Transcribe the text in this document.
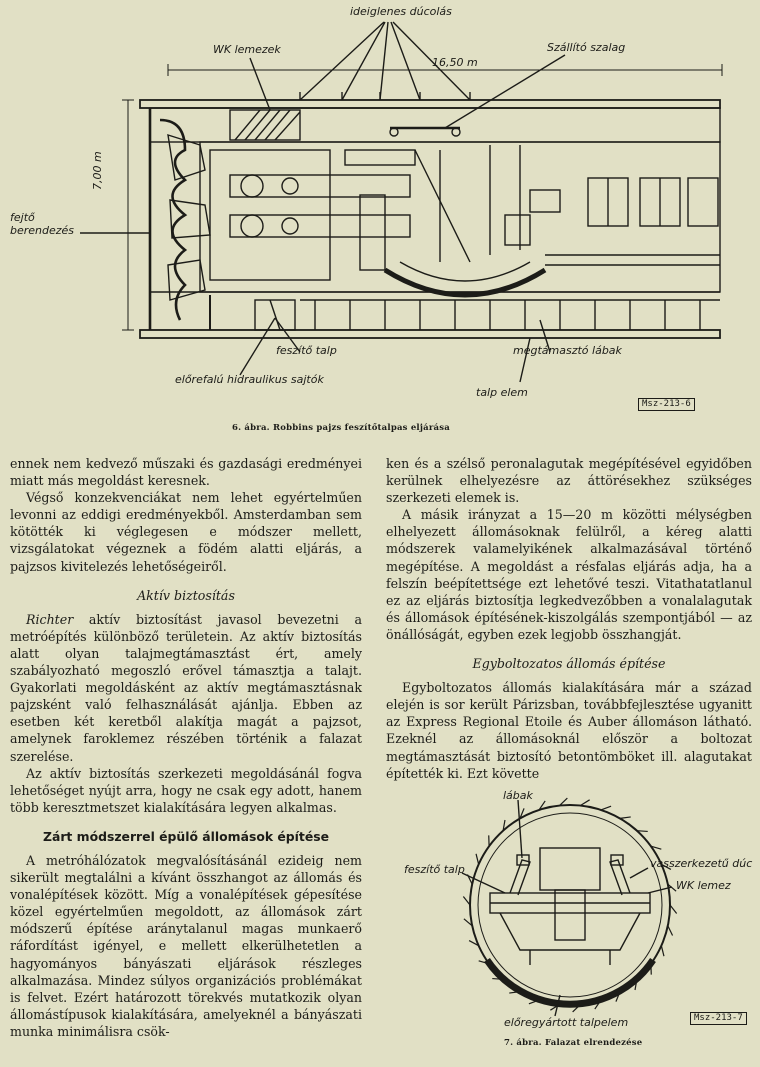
ideiglenes dúcolás
WK lemezek	Szállító szalag
16,50 m
7,00 m
fejtő
berendezés
feszítő talp	megtámasztó lábak
előrefalú hidraulikus sajtók
talp elem
Msz-213-6
6. ábra. Robbins pajzs feszítőtalpas eljárása

ennek nem kedvező műszaki és gazdasági eredményei miatt más megoldást keresnek.

Végső konzekvenciákat nem lehet egyértelműen levonni az eddigi eredményekből. Amsterdamban sem kötötték ki véglegesen e módszer mellett, vizsgálatokat végeznek a födém alatti eljárás, a pajzsos kivitelezés lehetőségeiről.

Aktív biztosítás

Richter aktív biztosítást javasol bevezetni a metróépítés különböző területein. Az aktív biztosítás alatt olyan talajmegtámasztást ért, amely szabályozható megoszló erővel támasztja a talajt. Gyakorlati megoldásként az aktív megtámasztásnak pajzsként való felhasználását ajánlja. Ebben az esetben két keretből alakítja magát a pajzsot, amelynek faroklemez részében történik a falazat szerelése.

Az aktív biztosítás szerkezeti megoldásánál fogva lehetőséget nyújt arra, hogy ne csak egy adott, hanem több keresztmetszet kialakítására legyen alkalmas.

Zárt módszerrel épülő állomások építése

A metróhálózatok megvalósításánál ezideig nem sikerült megtalálni a kívánt összhangot az állomás és vonalépítések között. Míg a vonalépítések gépesítése közel egyértelműen megoldott, az állomások zárt módszerű építése aránytalanul magas munkaerő ráfordítást igényel, e mellett elkerülhetetlen a hagyományos bányászati eljárások részleges alkalmazása. Mindez súlyos organizációs problémákat is felvet. Ezért határozott törekvés mutatkozik olyan állomástípusok kialakítására, amelyeknél a bányászati munka minimálisra csök-

ken és a szélső peronalagutak megépítésével egyidőben kerülnek elhelyezésre az áttörésekhez szükséges szerkezeti elemek is.

A másik irányzat a 15—20 m közötti mélységben elhelyezett állomásoknak felülről, a kéreg alatti módszerek valamelyikének alkalmazásával történő megépítése. A megoldást a résfalas eljárás adja, ha a felszín beépítettsége ezt lehetővé teszi. Vitathatatlanul ez az eljárás biztosítja legkedvezőbben a vonalalagutak és állomások építésének-kiszolgálás szempontjából — az önállóságát, egyben ezek legjobb összhangját.

Egyboltozatos állomás építése

Egyboltozatos állomás kialakítására már a század elején is sor került Párizsban, továbbfejlesztése ugyanitt az Express Regional Etoile és Auber állomáson látható. Ezeknél az állomásoknál először a boltozat megtámasztását biztosító betontömböket ill. alagutakat építették ki. Ezt követte

lábak
feszítő talp	vasszerkezetű dúc
WK lemez
előregyártott talpelem	Msz-213-7
7. ábra. Falazat elrendezése
